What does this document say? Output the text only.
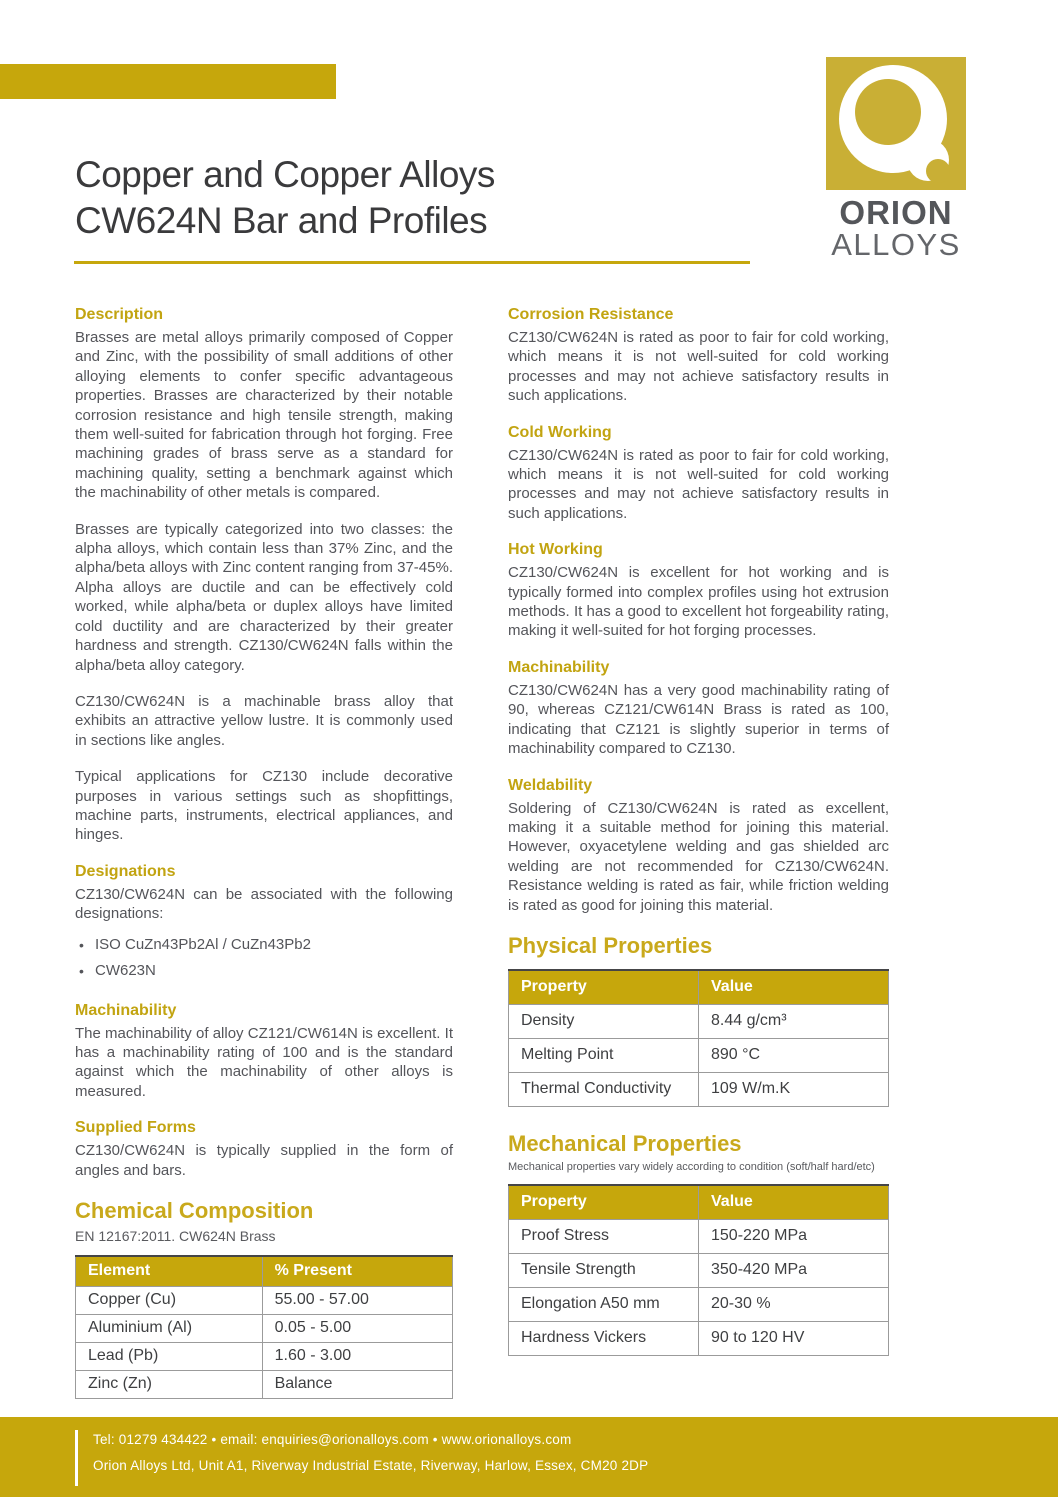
Copper and Copper Alloys
CW624N Bar and Profiles	ORION
ALLOYS
Description

Brasses are metal alloys primarily composed of Copper and Zinc, with the possibility of small additions of other alloying elements to confer specific advantageous properties. Brasses are characterized by their notable corrosion resistance and high tensile strength, making them well-suited for fabrication through hot forging. Free machining grades of brass serve as a standard for machining quality, setting a benchmark against which the machinability of other metals is compared.

Brasses are typically categorized into two classes: the alpha alloys, which contain less than 37% Zinc, and the alpha/beta alloys with Zinc content ranging from 37-45%. Alpha alloys are ductile and can be effectively cold worked, while alpha/beta or duplex alloys have limited cold ductility and are characterized by their greater hardness and strength. CZ130/CW624N falls within the alpha/beta alloy category.

CZ130/CW624N is a machinable brass alloy that exhibits an attractive yellow lustre. It is commonly used in sections like angles.

Typical applications for CZ130 include decorative purposes in various settings such as shopfittings, machine parts, instruments, electrical appliances, and hinges.

Designations

CZ130/CW624N can be associated with the following designations:

• ISO CuZn43Pb2Al / CuZn43Pb2
• CW623N
Machinability

The machinability of alloy CZ121/CW614N is excellent. It has a machinability rating of 100 and is the standard against which the machinability of other alloys is measured.

Supplied Forms

CZ130/CW624N is typically supplied in the form of angles and bars.

Chemical Composition

EN 12167:2011. CW624N Brass

Element	% Present
Copper (Cu)	55.00 - 57.00
Aluminium (Al)	0.05 - 5.00
Lead (Pb)	1.60 - 3.00
Zinc (Zn)	Balance
Corrosion Resistance

CZ130/CW624N is rated as poor to fair for cold working, which means it is not well-suited for cold working processes and may not achieve satisfactory results in such applications.

Cold Working

CZ130/CW624N is rated as poor to fair for cold working, which means it is not well-suited for cold working processes and may not achieve satisfactory results in such applications.

Hot Working

CZ130/CW624N is excellent for hot working and is typically formed into complex profiles using hot extrusion methods. It has a good to excellent hot forgeability rating, making it well-suited for hot forging processes.

Machinability

CZ130/CW624N has a very good machinability rating of 90, whereas CZ121/CW614N Brass is rated as 100, indicating that CZ121 is slightly superior in terms of machinability compared to CZ130.

Weldability

Soldering of CZ130/CW624N is rated as excellent, making it a suitable method for joining this material. However, oxyacetylene welding and gas shielded arc welding are not recommended for CZ130/CW624N. Resistance welding is rated as fair, while friction welding is rated as good for joining this material.

Physical Properties
Property	Value
Density	8.44 g/cm³
Melting Point	890 °C
Thermal Conductivity	109 W/m.K
Mechanical Properties

Mechanical properties vary widely according to condition (soft/half hard/etc)

Property	Value
Proof Stress	150-220 MPa
Tensile Strength	350-420 MPa
Elongation A50 mm	20-30 %
Hardness Vickers	90 to 120 HV
Tel: 01279 434422 • email: enquiries@orionalloys.com • www.orionalloys.com
Orion Alloys Ltd, Unit A1, Riverway Industrial Estate, Riverway, Harlow, Essex, CM20 2DP
